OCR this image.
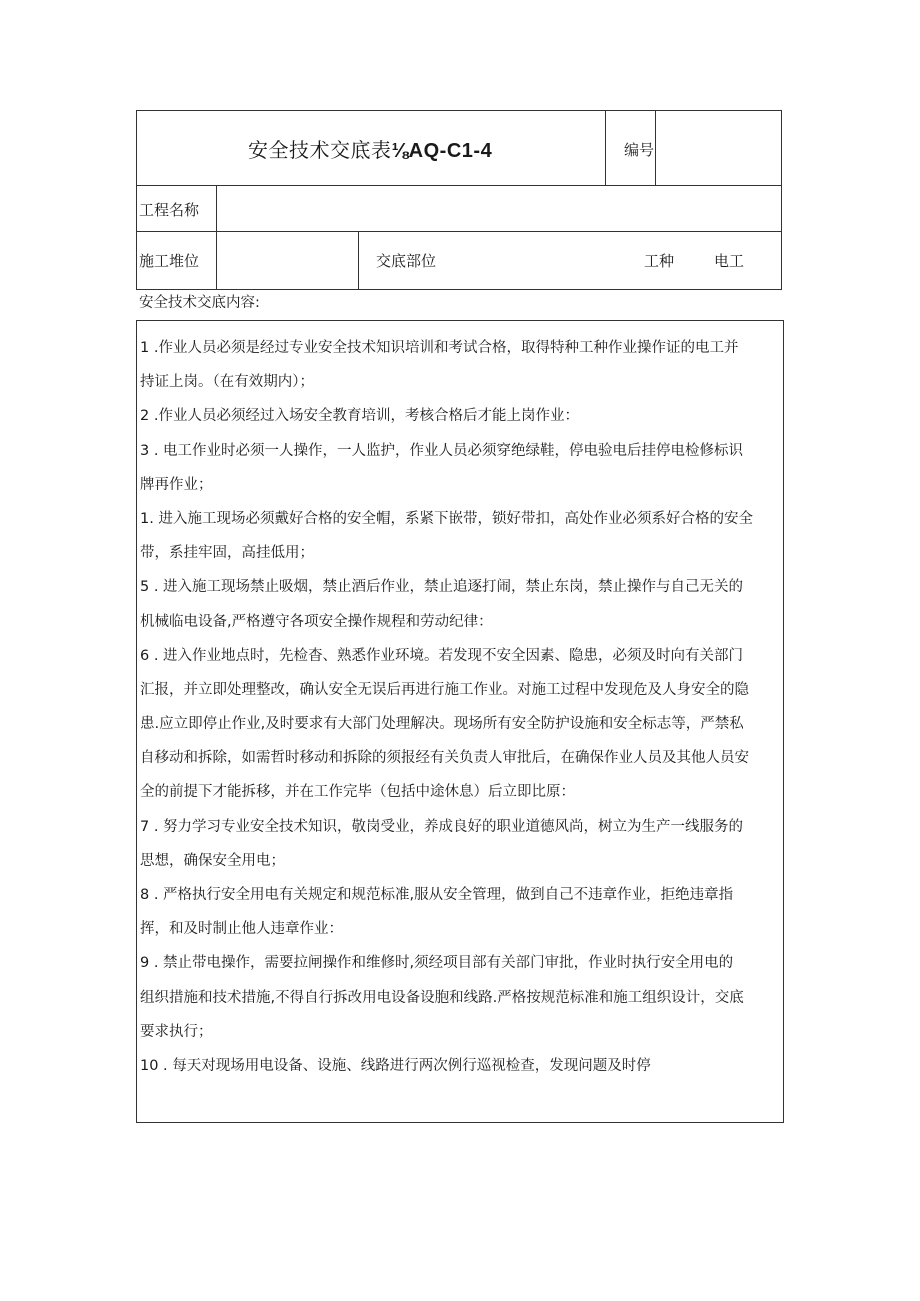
安全技术交底表⅛AQ-C1-4	编号
工程名称
施工堆位	交底部位	工种	电工
安全技术交底内容:
1 .作业人员必须是经过专业安全技术知识培训和考试合格，取得特种工种作业操作证的电工并
持证上岗。（在有效期内）；
2 .作业人员必须经过入场安全教育培训，考核合格后才能上岗作业：
3 . 电工作业时必须一人操作，一人监护，作业人员必须穿绝绿鞋，停电验电后挂停电检修标识
牌再作业；
1. 进入施工现场必须戴好合格的安全帽，系紧下嵌带，锁好带扣，高处作业必须系好合格的安全
带，系挂牢固，高挂低用；
5 . 进入施工现场禁止吸烟，禁止酒后作业，禁止追逐打闹，禁止东岗，禁止操作与自己无关的
机械临电设备,严格遵守各项安全操作规程和劳动纪律：
6 . 进入作业地点时，先检杳、熟悉作业环境。若发现不安全因素、隐患，必须及时向有关部门
汇报，并立即处理整改，确认安全无误后再进行施工作业。对施工过程中发现危及人身安全的隐
患.应立即停止作业,及时要求有大部门处理解决。现场所有安全防护设施和安全标志等，严禁私
自移动和拆除，如需哲时移动和拆除的须报经有关负责人审批后，在确保作业人员及其他人员安
全的前提下才能拆移，并在工作完毕（包括中途休息）后立即比原：
7 . 努力学习专业安全技术知识，敬岗受业，养成良好的职业道德风尚，树立为生产一线服务的
思想，确保安全用电；
8 . 严格执行安全用电有关规定和规范标准,服从安全管理，做到自己不违章作业，拒绝违章指
挥，和及时制止他人违章作业：
9 . 禁止带电操作，需要拉闸操作和维修时,须经项目部有关部门审批，作业时执行安全用电的
组织措施和技术措施,不得自行拆改用电设备设胞和线路.严格按规范标准和施工组织设计，交底
要求执行；
10 . 每天对现场用电设备、设施、线路进行两次例行巡视检查，发现问题及时停
